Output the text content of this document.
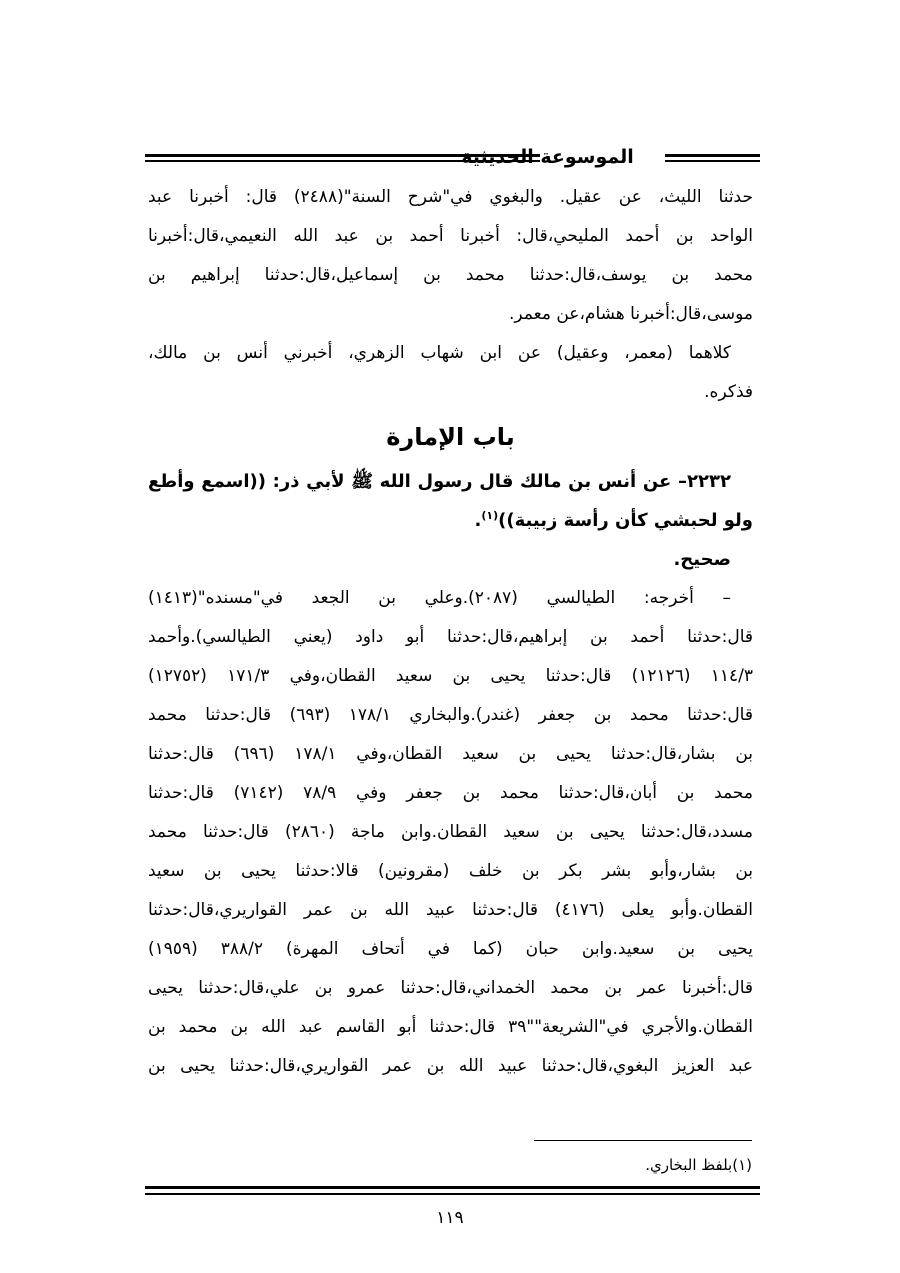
الموسوعة الحديثية
حدثنا الليث، عن عقيل. والبغوي في"شرح السنة"(٢٤٨٨) قال: أخبرنا عبد
الواحد بن أحمد المليحي،قال: أخبرنا أحمد بن عبد الله النعيمي،قال:أخبرنا
محمد بن يوسف،قال:حدثنا محمد بن إسماعيل،قال:حدثنا إبراهيم بن
موسى،قال:أخبرنا هشام،عن معمر.
كلاهما (معمر، وعقيل) عن ابن شهاب الزهري، أخبرني أنس بن مالك،
فذكره.
باب الإمارة
٢٢٣٢– عن أنس بن مالك قال رسول الله ﷺ لأبي ذر: ((اسمع وأطع
ولو لحبشي كأن رأسة زبيبة))$^{(١)}$.
صحيح.
– أخرجه: الطيالسي (٢٠٨٧).وعلي بن الجعد في"مسنده"(١٤١٣)
قال:حدثنا أحمد بن إبراهيم،قال:حدثنا أبو داود (يعني الطيالسي).وأحمد
١١٤/٣ (١٢١٢٦) قال:حدثنا يحيى بن سعيد القطان،وفي ١٧١/٣ (١٢٧٥٢)
قال:حدثنا محمد بن جعفر (غندر).والبخاري ١٧٨/١ (٦٩٣) قال:حدثنا محمد
بن بشار،قال:حدثنا يحيى بن سعيد القطان،وفي ١٧٨/١ (٦٩٦) قال:حدثنا
محمد بن أبان،قال:حدثنا محمد بن جعفر وفي ٧٨/٩ (٧١٤٢) قال:حدثنا
مسدد،قال:حدثنا يحيى بن سعيد القطان.وابن ماجة (٢٨٦٠) قال:حدثنا محمد
بن بشار،وأبو بشر بكر بن خلف (مقرونين) قالا:حدثنا يحيى بن سعيد
القطان.وأبو يعلى (٤١٧٦) قال:حدثنا عبيد الله بن عمر القواريري،قال:حدثنا
يحيى بن سعيد.وابن حبان (كما في أتحاف المهرة) ٣٨٨/٢ (١٩٥٩)
قال:أخبرنا عمر بن محمد الخمداني،قال:حدثنا عمرو بن علي،قال:حدثنا يحيى
القطان.والأجري في"الشريعة""٣٩ قال:حدثنا أبو القاسم عبد الله بن محمد بن
عبد العزيز البغوي،قال:حدثنا عبيد الله بن عمر القواريري،قال:حدثنا يحيى بن
(١)بلفظ البخاري.
١١٩
